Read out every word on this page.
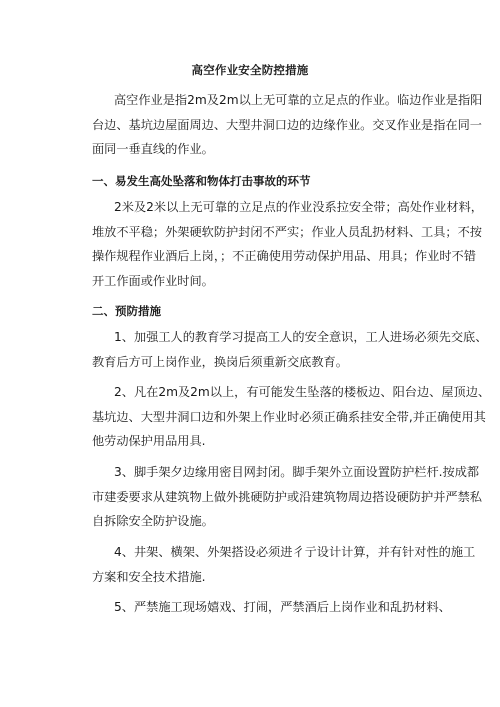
高空作业安全防控措施
高空作业是指2m及2m以上无可靠的立足点的作业。临边作业是指阳
台边、基坑边屋面周边、大型井洞口边的边缘作业。交叉作业是指在同一
面同一垂直线的作业。
一、易发生高处坠落和物体打击事故的环节
2米及2米以上无可靠的立足点的作业没系拉安全带；高处作业材料，
堆放不平稳；外架硬软防护封闭不严实；作业人员乱扔材料、工具；不按
操作规程作业酒后上岗，；不正确使用劳动保护用品、用具；作业时不错
开工作面或作业时间。
二、预防措施
1、加强工人的教育学习提高工人的安全意识，工人进场必须先交底、
教育后方可上岗作业，换岗后须重新交底教育。
2、凡在2m及2m以上，有可能发生坠落的楼板边、阳台边、屋顶边、
基坑边、大型井洞口边和外架上作业时必须正确系挂安全带,并正确使用其
他劳动保护用品用具.
3、脚手架夕边缘用密目网封闭。脚手架外立面设置防护栏杆.按成都
市建委要求从建筑物上做外挑硬防护或沿建筑物周边搭设硬防护并严禁私
自拆除安全防护设施。
4、井架、横架、外架搭设必须进彳亍设计计算，并有针对性的施工
方案和安全技术措施.
5、严禁施工现场嬉戏、打闹，严禁酒后上岗作业和乱扔材料、
